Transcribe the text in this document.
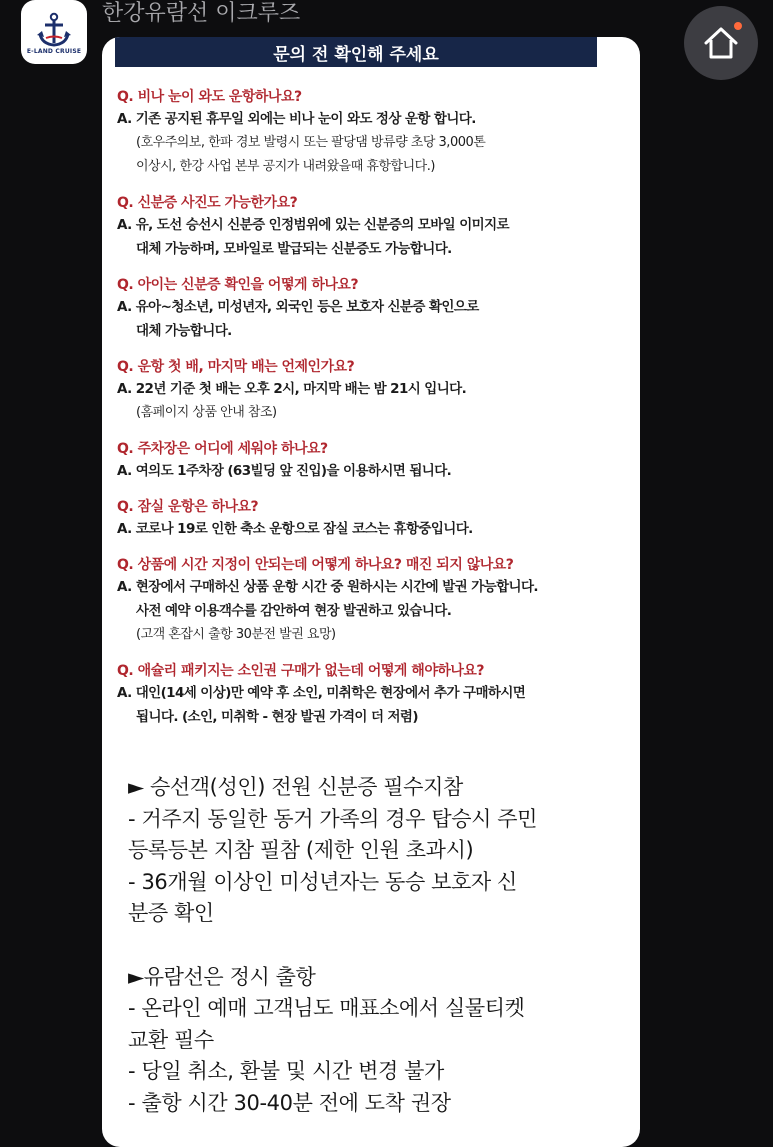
E-LAND CRUISE
한강유람선 이크루즈
문의 전 확인해 주세요
Q. 비나 눈이 와도 운항하나요?
A. 기존 공지된 휴무일 외에는 비나 눈이 와도 정상 운항 합니다.
(호우주의보, 한파 경보 발령시 또는 팔당댐 방류량 초당 3,000톤
이상시, 한강 사업 본부 공지가 내려왔을때 휴항합니다.)
Q. 신분증 사진도 가능한가요?
A. 유, 도선 승선시 신분증 인정범위에 있는 신분증의 모바일 이미지로
대체 가능하며, 모바일로 발급되는 신분증도 가능합니다.
Q. 아이는 신분증 확인을 어떻게 하나요?
A. 유아~청소년, 미성년자, 외국인 등은 보호자 신분증 확인으로
대체 가능합니다.
Q. 운항 첫 배, 마지막 배는 언제인가요?
A. 22년 기준 첫 배는 오후 2시, 마지막 배는 밤 21시 입니다.
(홈페이지 상품 안내 참조)
Q. 주차장은 어디에 세워야 하나요?
A. 여의도 1주차장 (63빌딩 앞 진입)을 이용하시면 됩니다.
Q. 잠실 운항은 하나요?
A. 코로나 19로 인한 축소 운항으로 잠실 코스는 휴항중입니다.
Q. 상품에 시간 지정이 안되는데 어떻게 하나요? 매진 되지 않나요?
A. 현장에서 구매하신 상품 운항 시간 중 원하시는 시간에 발권 가능합니다.
사전 예약 이용객수를 감안하여 현장 발권하고 있습니다.
(고객 혼잡시 출항 30분전 발권 요망)
Q. 애슐리 패키지는 소인권 구매가 없는데 어떻게 해야하나요?
A. 대인(14세 이상)만 예약 후 소인, 미취학은 현장에서 추가 구매하시면
됩니다. (소인, 미취학 - 현장 발권 가격이 더 저렴)
► 승선객(성인) 전원 신분증 필수지참
- 거주지 동일한 동거 가족의 경우 탑승시 주민
등록등본 지참 필참 (제한 인원 초과시)
- 36개월 이상인 미성년자는 동승 보호자 신
분증 확인
►유람선은 정시 출항
- 온라인 예매 고객님도 매표소에서 실물티켓
교환 필수
- 당일 취소, 환불 및 시간 변경 불가
- 출항 시간 30-40분 전에 도착 권장
